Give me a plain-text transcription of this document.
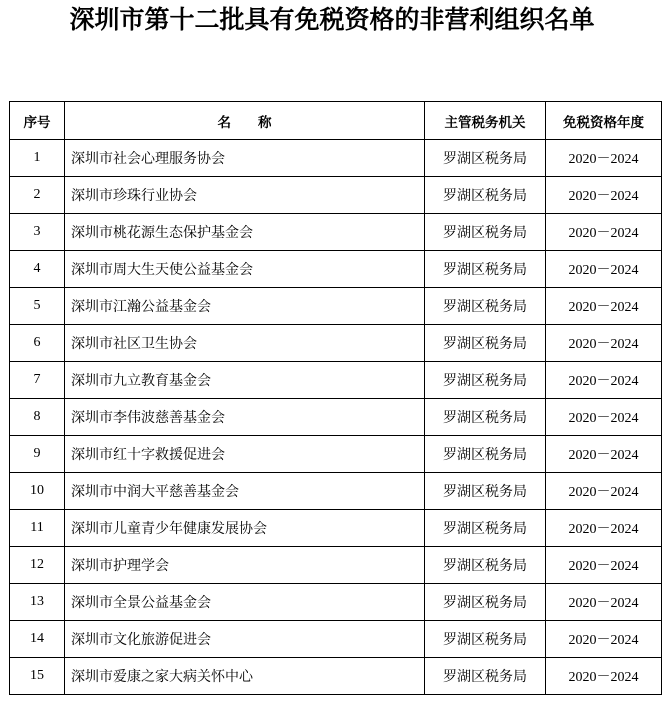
深圳市第十二批具有免税资格的非营利组织名单
序号	名　　称	主管税务机关	免税资格年度
1	深圳市社会心理服务协会	罗湖区税务局	2020－2024
2	深圳市珍珠行业协会	罗湖区税务局	2020－2024
3	深圳市桃花源生态保护基金会	罗湖区税务局	2020－2024
4	深圳市周大生天使公益基金会	罗湖区税务局	2020－2024
5	深圳市江瀚公益基金会	罗湖区税务局	2020－2024
6	深圳市社区卫生协会	罗湖区税务局	2020－2024
7	深圳市九立教育基金会	罗湖区税务局	2020－2024
8	深圳市李伟波慈善基金会	罗湖区税务局	2020－2024
9	深圳市红十字救援促进会	罗湖区税务局	2020－2024
10	深圳市中润大平慈善基金会	罗湖区税务局	2020－2024
11	深圳市儿童青少年健康发展协会	罗湖区税务局	2020－2024
12	深圳市护理学会	罗湖区税务局	2020－2024
13	深圳市全景公益基金会	罗湖区税务局	2020－2024
14	深圳市文化旅游促进会	罗湖区税务局	2020－2024
15	深圳市爱康之家大病关怀中心	罗湖区税务局	2020－2024
